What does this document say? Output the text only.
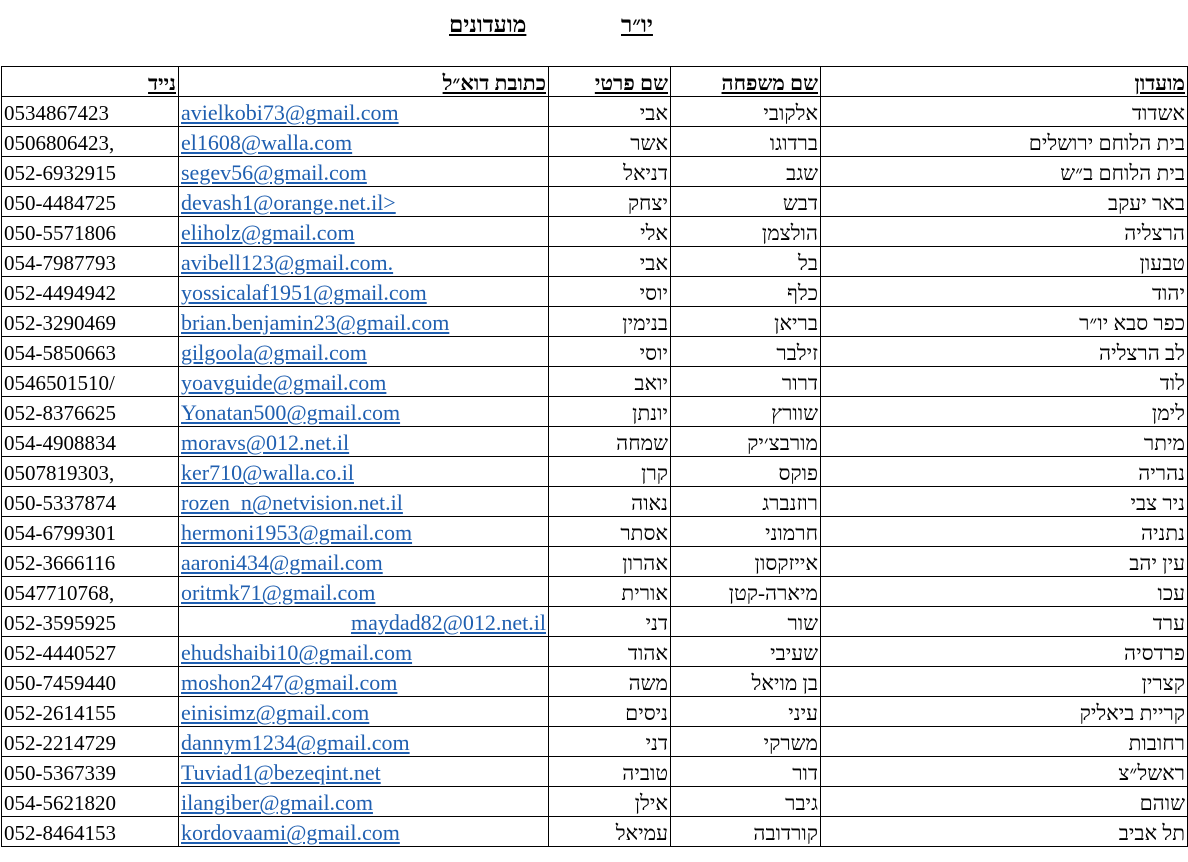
יו״ר
מועדונים
נייד	כתובת דוא״ל	שם פרטי	שם משפחה	מועדון
0534867423	avielkobi73@gmail.com	אבי	אלקובי	אשדוד
0506806423,	el1608@walla.com	אשר	ברדוגו	בית הלוחם ירושלים
052-6932915	segev56@gmail.com	דניאל	שגב	בית הלוחם ב״ש
050-4484725	devash1@orange.net.il>	יצחק	דבש	באר יעקב
050-5571806	eliholz@gmail.com	אלי	הולצמן	הרצליה
054-7987793	avibell123@gmail.com.	אבי	בל	טבעון
052-4494942	yossicalaf1951@gmail.com	יוסי	כלף	יהוד
052-3290469	brian.benjamin23@gmail.com	בנימין	בריאן	כפר סבא יו״ר
054-5850663	gilgoola@gmail.com	יוסי	זילבר	לב הרצליה
0546501510/	yoavguide@gmail.com	יואב	דרור	לוד
052-8376625	Yonatan500@gmail.com	יונתן	שוורץ	לימן
054-4908834	moravs@012.net.il	שמחה	מורבצ׳יק	מיתר
0507819303,	ker710@walla.co.il	קרן	פוקס	נהריה
050-5337874	rozen_n@netvision.net.il	נאוה	רוזנברג	ניר צבי
054-6799301	hermoni1953@gmail.com	אסתר	חרמוני	נתניה
052-3666116	aaroni434@gmail.com	אהרון	אייזקסון	עין יהב
0547710768,	oritmk71@gmail.com	אורית	מיארה-קטן	עכו
052-3595925	maydad82@012.net.il	דני	שור	ערד
052-4440527	ehudshaibi10@gmail.com	אהוד	שעיבי	פרדסיה
050-7459440	moshon247@gmail.com	משה	בן מויאל	קצרין
052-2614155	einisimz@gmail.com	ניסים	עיני	קריית ביאליק
052-2214729	dannym1234@gmail.com	דני	משרקי	רחובות
050-5367339	Tuviad1@bezeqint.net	טוביה	דור	ראשל״צ
054-5621820	ilangiber@gmail.com	אילן	גיבר	שוהם
052-8464153	kordovaami@gmail.com	עמיאל	קורדובה	תל אביב
